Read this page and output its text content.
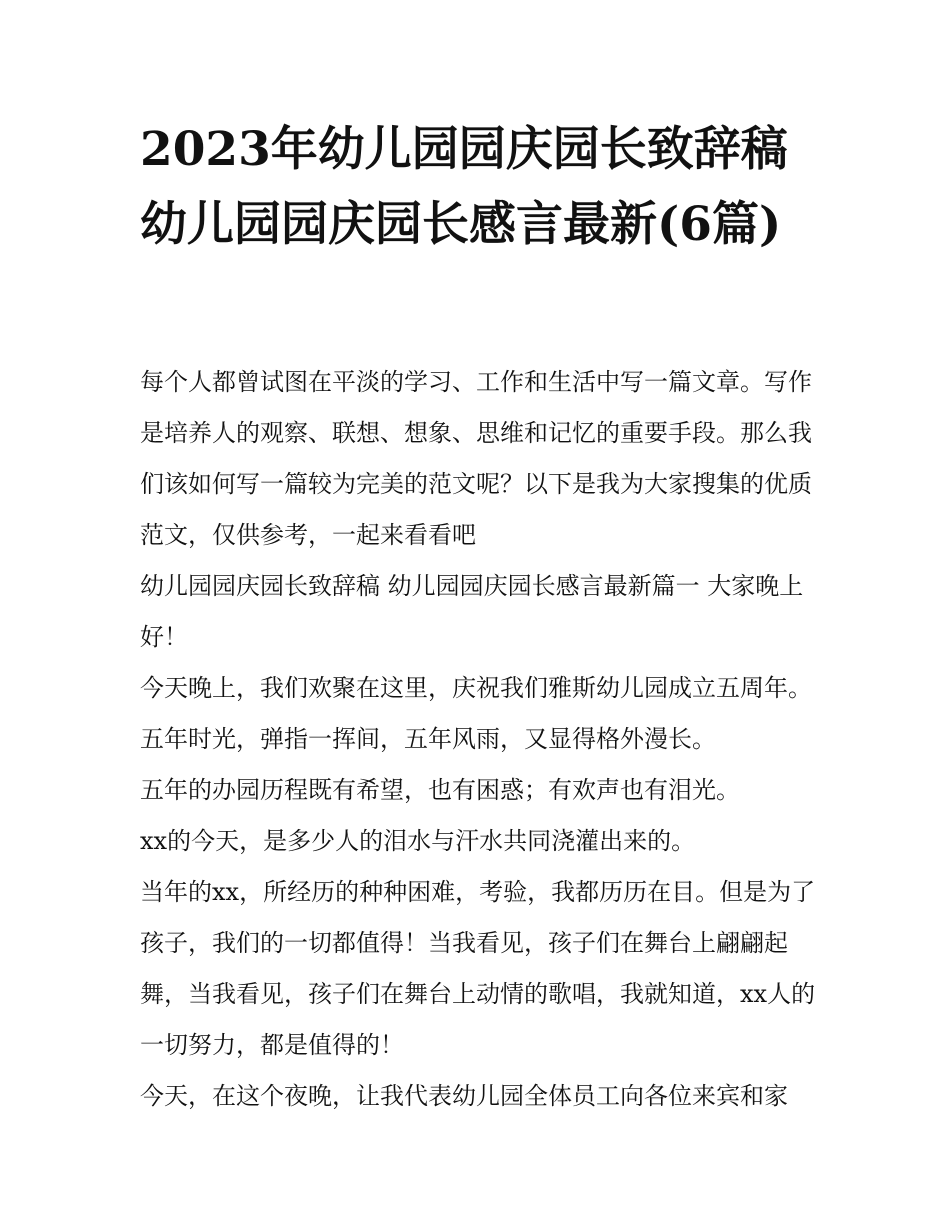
2023年幼儿园园庆园长致辞稿 幼儿园园庆园长感言最新(6篇)

每个人都曾试图在平淡的学习、工作和生活中写一篇文章。写作是培养人的观察、联想、想象、思维和记忆的重要手段。那么我们该如何写一篇较为完美的范文呢？以下是我为大家搜集的优质范文，仅供参考，一起来看看吧

幼儿园园庆园长致辞稿 幼儿园园庆园长感言最新篇一 大家晚上好！

今天晚上，我们欢聚在这里，庆祝我们雅斯幼儿园成立五周年。五年时光，弹指一挥间，五年风雨，又显得格外漫长。

五年的办园历程既有希望，也有困惑；有欢声也有泪光。

xx的今天，是多少人的泪水与汗水共同浇灌出来的。

当年的xx，所经历的种种困难，考验，我都历历在目。但是为了孩子，我们的一切都值得！当我看见，孩子们在舞台上翩翩起舞，当我看见，孩子们在舞台上动情的歌唱，我就知道，xx人的一切努力，都是值得的！

今天，在这个夜晚，让我代表幼儿园全体员工向各位来宾和家
